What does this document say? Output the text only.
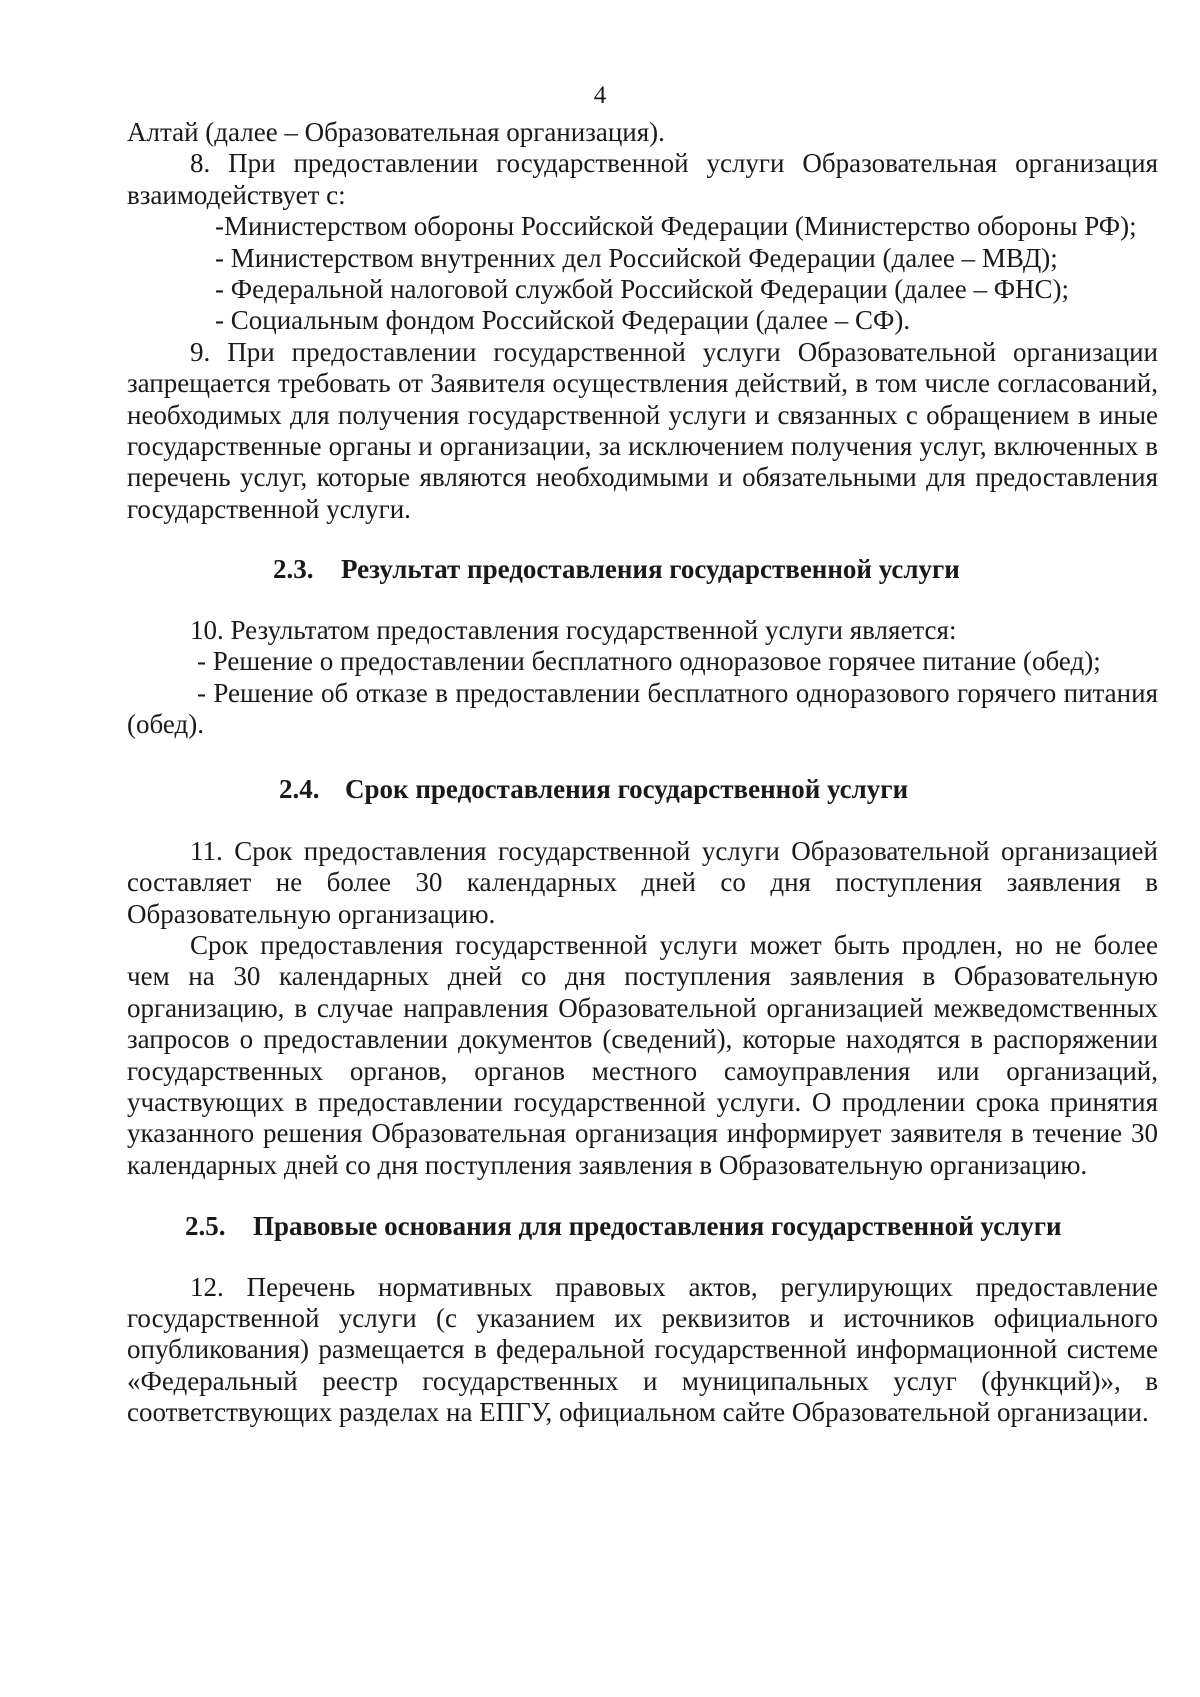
4

Алтай (далее – Образовательная организация).

8. При предоставлении государственной услуги Образовательная организация взаимодействует с:

-Министерством обороны Российской Федерации (Министерство обороны РФ);
- Министерством внутренних дел Российской Федерации (далее – МВД);
- Федеральной налоговой службой Российской Федерации (далее – ФНС);
- Социальным фондом Российской Федерации (далее – СФ).

9. При предоставлении государственной услуги Образовательной организации запрещается требовать от Заявителя осуществления действий, в том числе согласований, необходимых для получения государственной услуги и связанных с обращением в иные государственные органы и организации, за исключением получения услуг, включенных в перечень услуг, которые являются необходимыми и обязательными для предоставления государственной услуги.

2.3. Результат предоставления государственной услуги

10. Результатом предоставления государственной услуги является:

- Решение о предоставлении бесплатного одноразовое горячее питание (обед);
- Решение об отказе в предоставлении бесплатного одноразового горячего питания (обед).

2.4. Срок предоставления государственной услуги

11. Срок предоставления государственной услуги Образовательной организацией составляет не более 30 календарных дней со дня поступления заявления в Образовательную организацию.

Срок предоставления государственной услуги может быть продлен, но не более чем на 30 календарных дней со дня поступления заявления в Образовательную организацию, в случае направления Образовательной организацией межведомственных запросов о предоставлении документов (сведений), которые находятся в распоряжении государственных органов, органов местного самоуправления или организаций, участвующих в предоставлении государственной услуги. О продлении срока принятия указанного решения Образовательная организация информирует заявителя в течение 30 календарных дней со дня поступления заявления в Образовательную организацию.

2.5. Правовые основания для предоставления государственной услуги

12. Перечень нормативных правовых актов, регулирующих предоставление государственной услуги (с указанием их реквизитов и источников официального опубликования) размещается в федеральной государственной информационной системе «Федеральный реестр государственных и муниципальных услуг (функций)», в соответствующих разделах на ЕПГУ, официальном сайте Образовательной организации.
